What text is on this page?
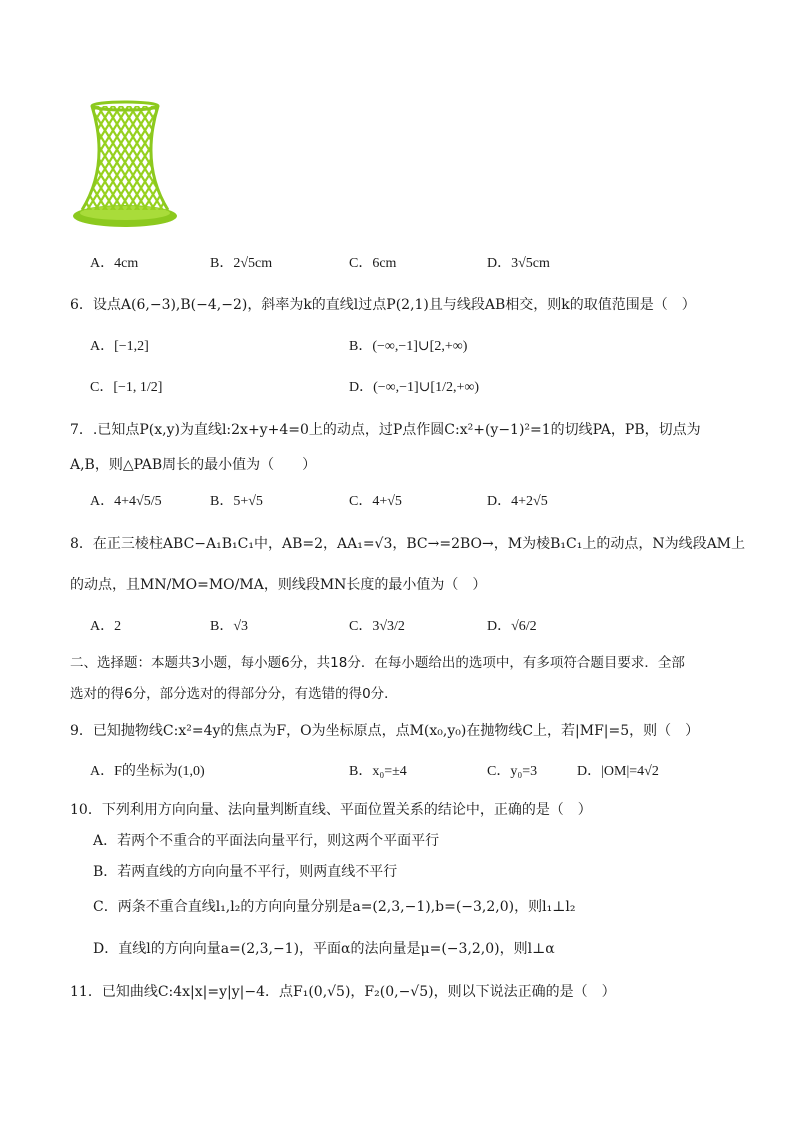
A．4cm	B．2√5cm	C．6cm	D．3√5cm
6．设点A(6,−3),B(−4,−2)，斜率为k的直线l过点P(2,1)且与线段AB相交，则k的取值范围是（　）
A．[−1,2]	B．(−∞,−1]∪[2,+∞)
C．[−1, 1/2]	D．(−∞,−1]∪[1/2,+∞)
7．.已知点P(x,y)为直线l:2x+y+4=0上的动点，过P点作圆C:x²+(y−1)²=1的切线PA，PB，切点为
A,B，则△PAB周长的最小值为（　　）
A．4+4√5/5	B．5+√5	C．4+√5	D．4+2√5
8．在正三棱柱ABC−A₁B₁C₁中，AB=2，AA₁=√3，BC→=2BO→，M为棱B₁C₁上的动点，N为线段AM上
的动点，且MN/MO=MO/MA，则线段MN长度的最小值为（　）
A．2	B．√3	C．3√3/2	D．√6/2
二、选择题：本题共3小题，每小题6分，共18分．在每小题给出的选项中，有多项符合题目要求．全部
选对的得6分，部分选对的得部分分，有选错的得0分．
9．已知抛物线C:x²=4y的焦点为F，O为坐标原点，点M(x₀,y₀)在抛物线C上，若|MF|=5，则（　）
A．F的坐标为(1,0)	B．x₀=±4	C．y₀=3	D．|OM|=4√2
10．下列利用方向向量、法向量判断直线、平面位置关系的结论中，正确的是（　）
A．若两个不重合的平面法向量平行，则这两个平面平行
B．若两直线的方向向量不平行，则两直线不平行
C．两条不重合直线l₁,l₂的方向向量分别是a=(2,3,−1),b=(−3,2,0)，则l₁⊥l₂
D．直线l的方向向量a=(2,3,−1)，平面α的法向量是μ=(−3,2,0)，则l⊥α
11．已知曲线C:4x|x|=y|y|−4．点F₁(0,√5)，F₂(0,−√5)，则以下说法正确的是（　）
